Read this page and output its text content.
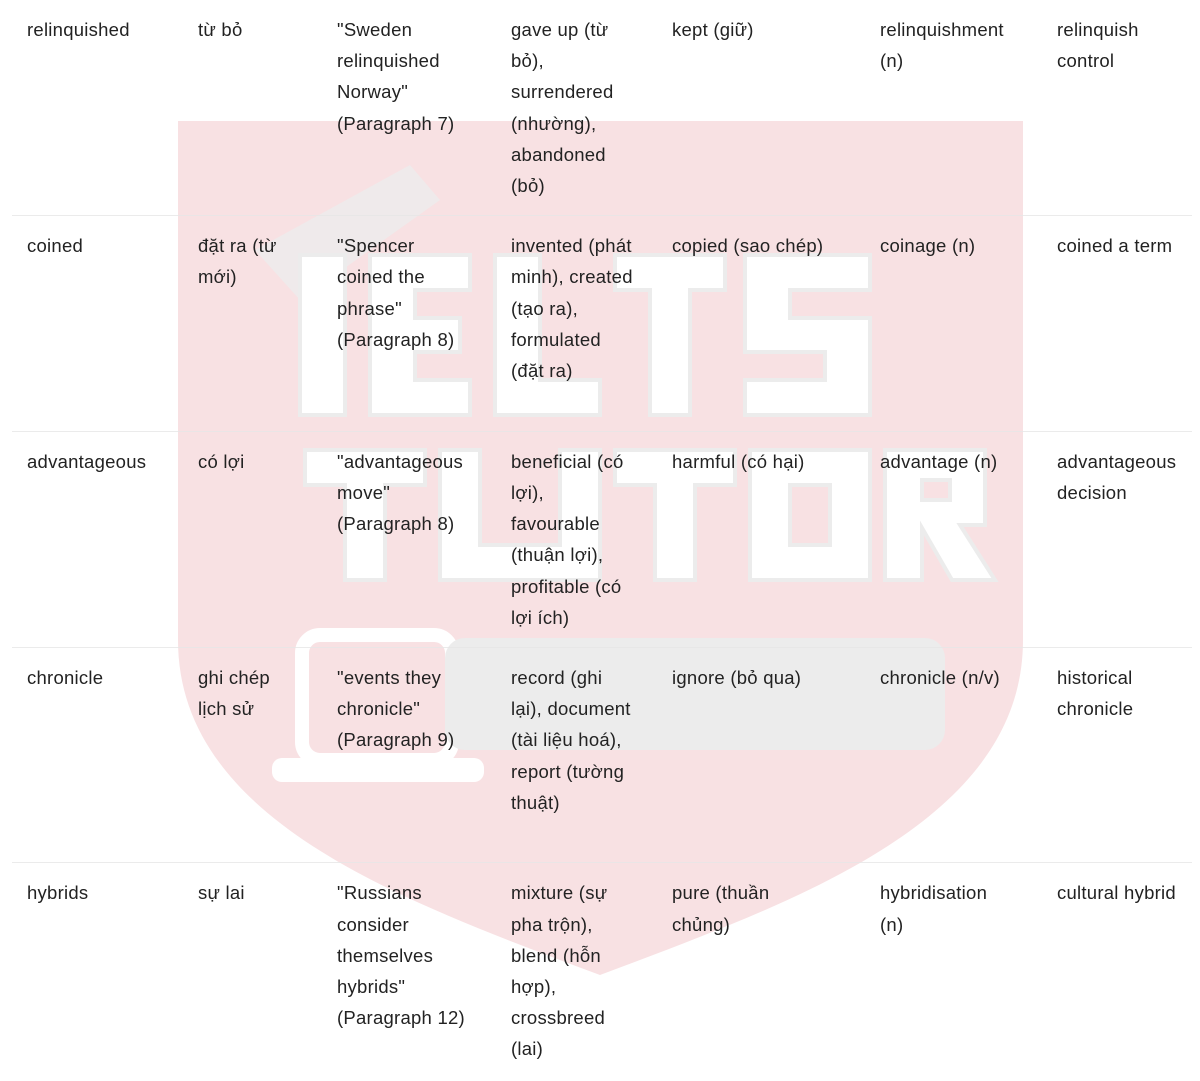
relinquished	từ bỏ	"Sweden relinquished Norway" (Paragraph 7)	gave up (từ bỏ), surrendered (nhường), abandoned (bỏ)	kept (giữ)	relinquishment (n)	relinquish control

coined	đặt ra (từ mới)	"Spencer coined the phrase" (Paragraph 8)	invented (phát minh), created (tạo ra), formulated (đặt ra)	copied (sao chép)	coinage (n)	coined a term

advantageous	có lợi	"advantageous move" (Paragraph 8)	beneficial (có lợi), favourable (thuận lợi), profitable (có lợi ích)	harmful (có hại)	advantage (n)	advantageous decision

chronicle	ghi chép lịch sử	"events they chronicle" (Paragraph 9)	record (ghi lại), document (tài liệu hoá), report (tường thuật)	ignore (bỏ qua)	chronicle (n/v)	historical chronicle

hybrids	sự lai	"Russians consider themselves hybrids" (Paragraph 12)	mixture (sự pha trộn), blend (hỗn hợp), crossbreed (lai)	pure (thuần chủng)	hybridisation (n)	cultural hybrid
